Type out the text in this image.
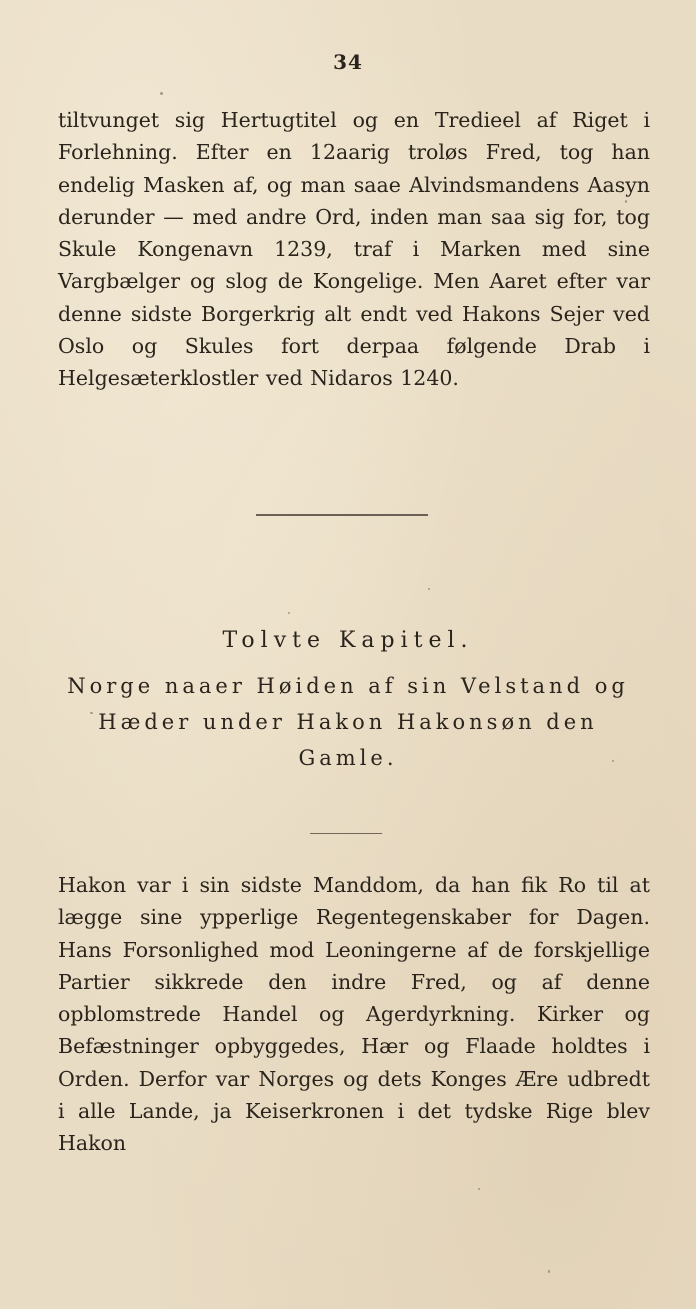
34

tiltvunget sig Hertugtitel og en Tredieel af Riget i Forlehning. Efter en 12aarig troløs Fred, tog han endelig Masken af, og man saae Alvindsmandens Aasyn derunder — med andre Ord, inden man saa sig for, tog Skule Kongenavn 1239, traf i Marken med sine Vargbælger og slog de Kongelige. Men Aaret efter var denne sidste Borgerkrig alt endt ved Hakons Sejer ved Oslo og Skules fort derpaa følgende Drab i Helgesæterklostler ved Nidaros 1240.

Tolvte Kapitel.
Norge naaer Høiden af sin Velstand og Hæder under Hakon Hakonsøn den Gamle.

Hakon var i sin sidste Manddom, da han fik Ro til at lægge sine ypperlige Regentegenskaber for Dagen. Hans Forsonlighed mod Leoningerne af de forskjellige Partier sikkrede den indre Fred, og af denne opblomstrede Handel og Agerdyrkning. Kirker og Befæstninger opbyggedes, Hær og Flaade holdtes i Orden. Derfor var Norges og dets Konges Ære udbredt i alle Lande, ja Keiserkronen i det tydske Rige blev Hakon
